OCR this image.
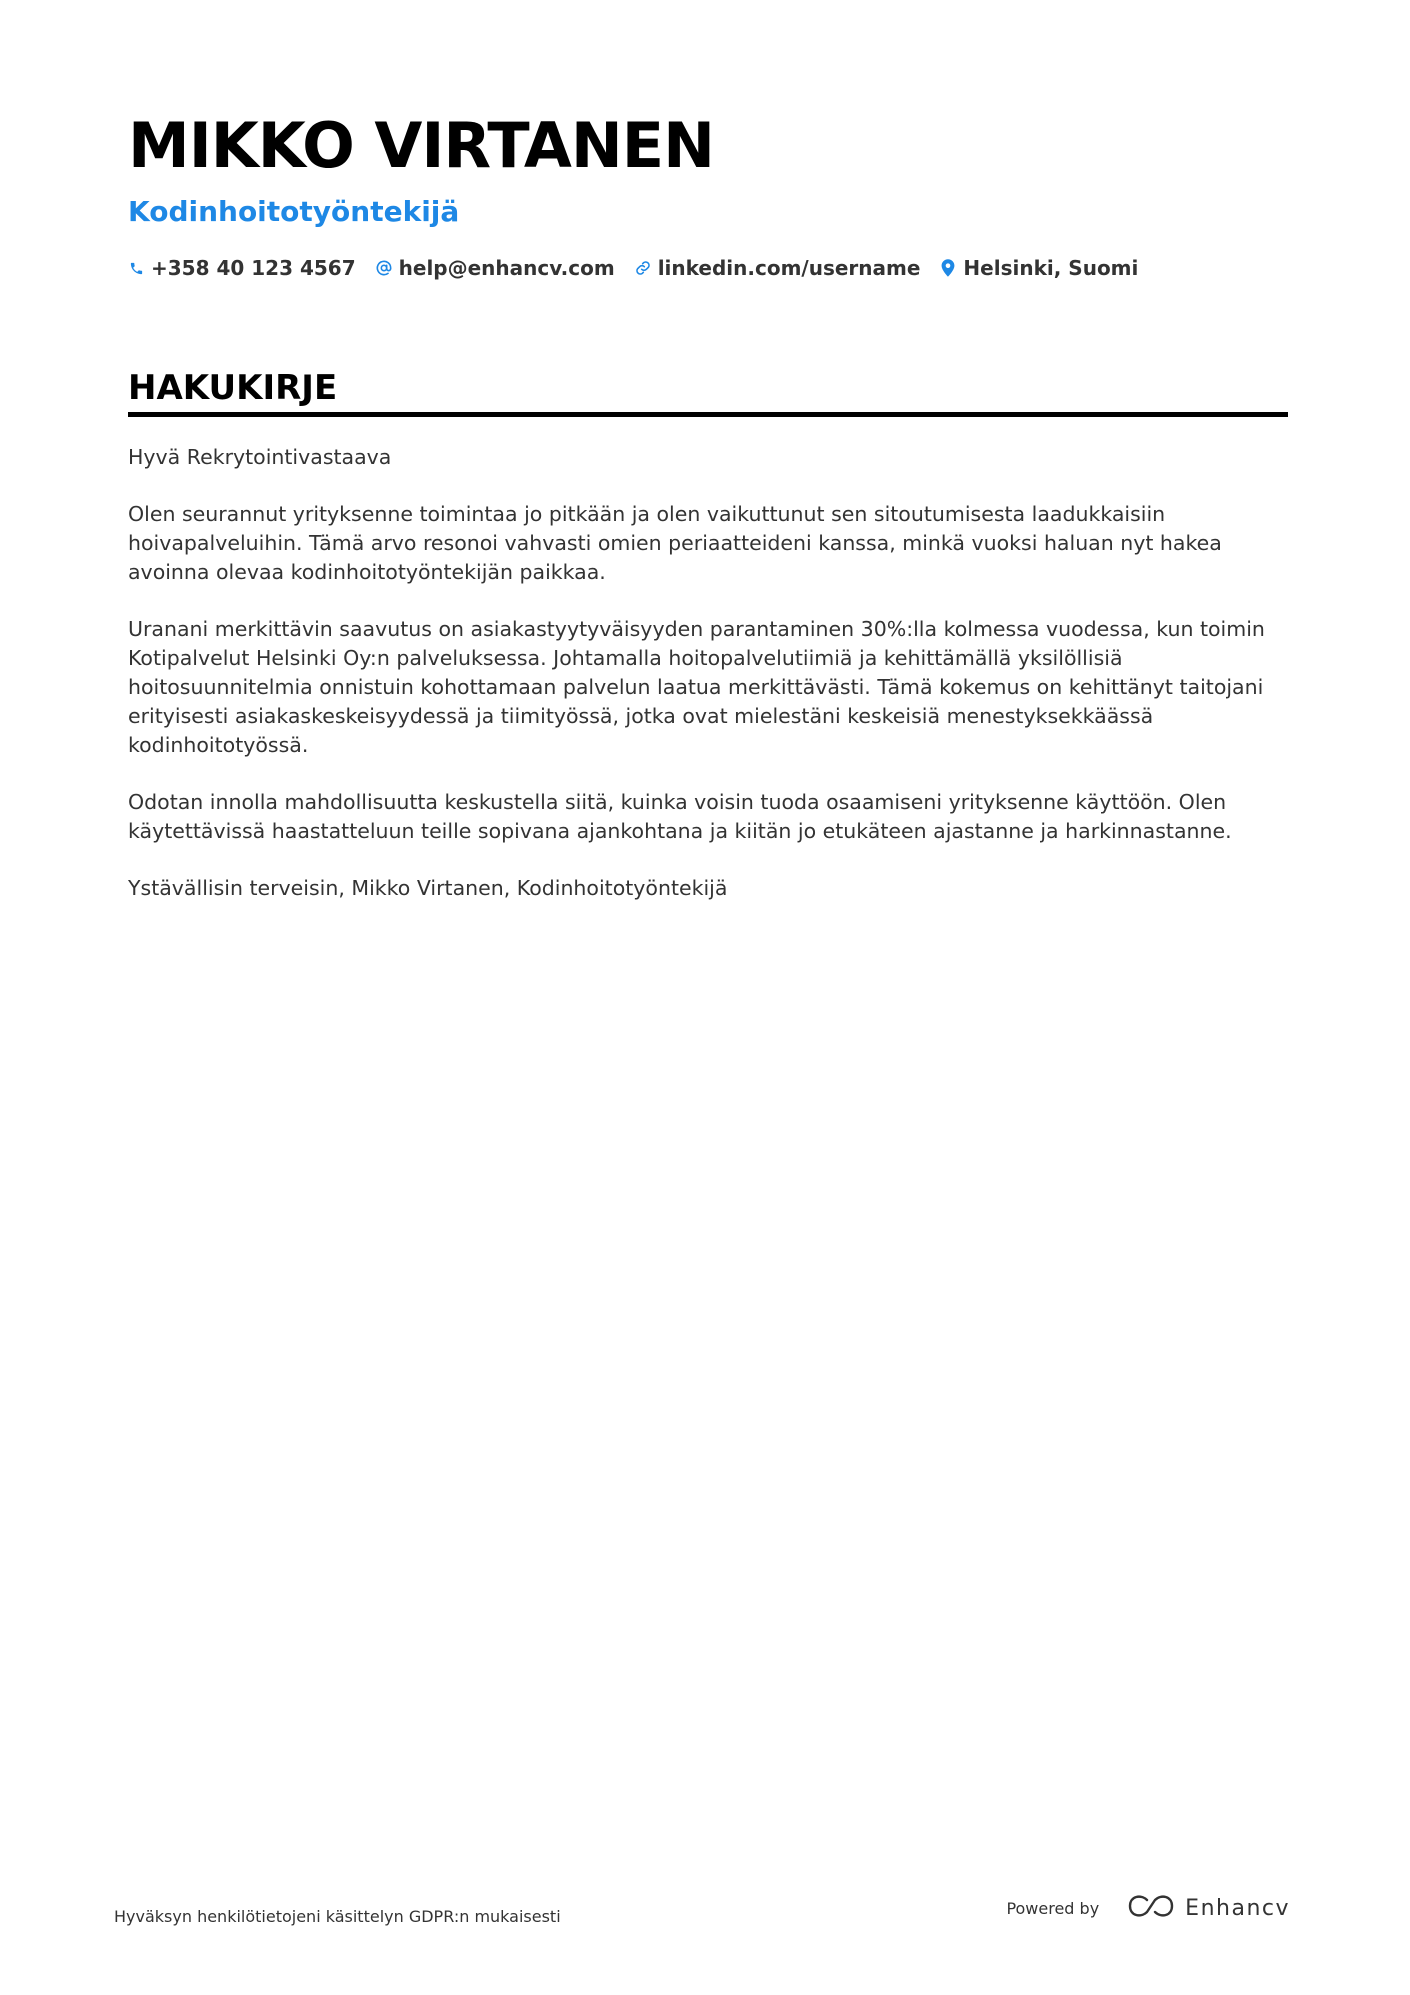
MIKKO VIRTANEN
Kodinhoitotyöntekijä
+358 40 123 4567 help@enhancv.com linkedin.com/username Helsinki, Suomi
HAKUKIRJE

Hyvä Rekrytointivastaava

Olen seurannut yrityksenne toimintaa jo pitkään ja olen vaikuttunut sen sitoutumisesta laadukkaisiin hoivapalveluihin. Tämä arvo resonoi vahvasti omien periaatteideni kanssa, minkä vuoksi haluan nyt hakea avoinna olevaa kodinhoitotyöntekijän paikkaa.

Uranani merkittävin saavutus on asiakastyytyväisyyden parantaminen 30%:lla kolmessa vuodessa, kun toimin Kotipalvelut Helsinki Oy:n palveluksessa. Johtamalla hoitopalvelutiimiä ja kehittämällä yksilöllisiä hoitosuunnitelmia onnistuin kohottamaan palvelun laatua merkittävästi. Tämä kokemus on kehittänyt taitojani erityisesti asiakaskeskeisyydessä ja tiimityössä, jotka ovat mielestäni keskeisiä menestyksekkäässä kodinhoitotyössä.

Odotan innolla mahdollisuutta keskustella siitä, kuinka voisin tuoda osaamiseni yrityksenne käyttöön. Olen käytettävissä haastatteluun teille sopivana ajankohtana ja kiitän jo etukäteen ajastanne ja harkinnastanne.

Ystävällisin terveisin, Mikko Virtanen, Kodinhoitotyöntekijä

Hyväksyn henkilötietojeni käsittelyn GDPR:n mukaisesti	Powered by	Enhancv
